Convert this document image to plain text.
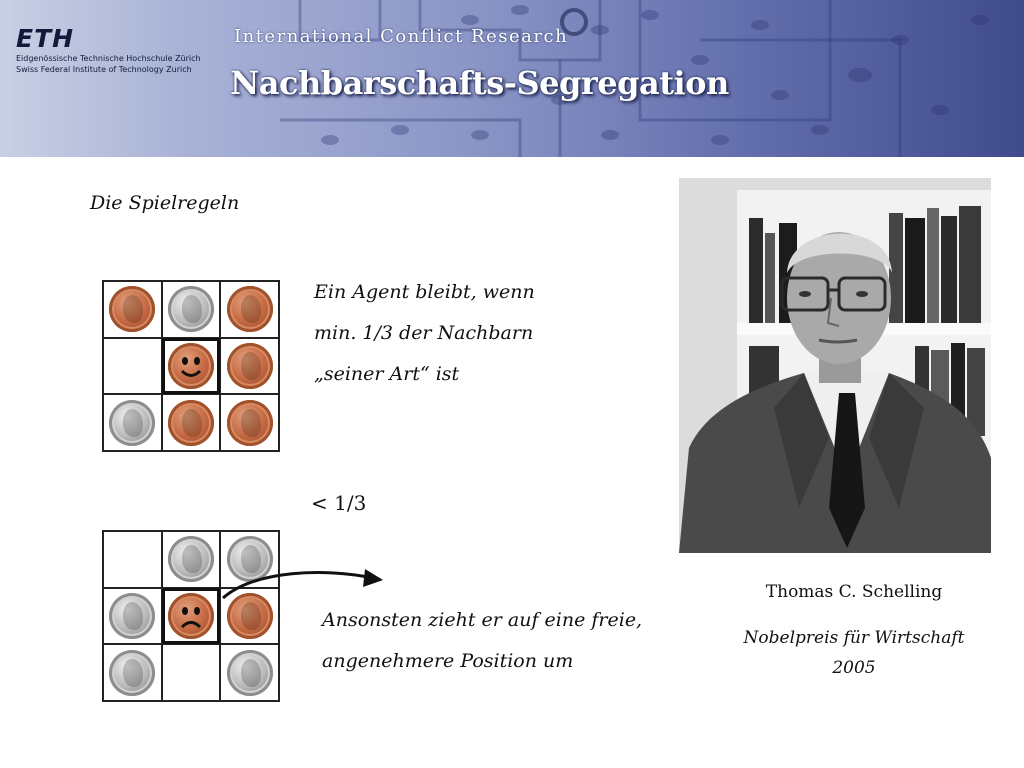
ETH
Eidgenössische Technische Hochschule Zürich
Swiss Federal Institute of Technology Zurich
International Conflict Research
Nachbarschafts-Segregation
Die Spielregeln
Ein Agent bleibt, wenn
min. 1/3 der Nachbarn
„seiner Art“ ist
< 1/3
Ansonsten zieht er auf eine freie,
angenehmere Position um
Thomas C. Schelling
Nobelpreis für Wirtschaft
2005
